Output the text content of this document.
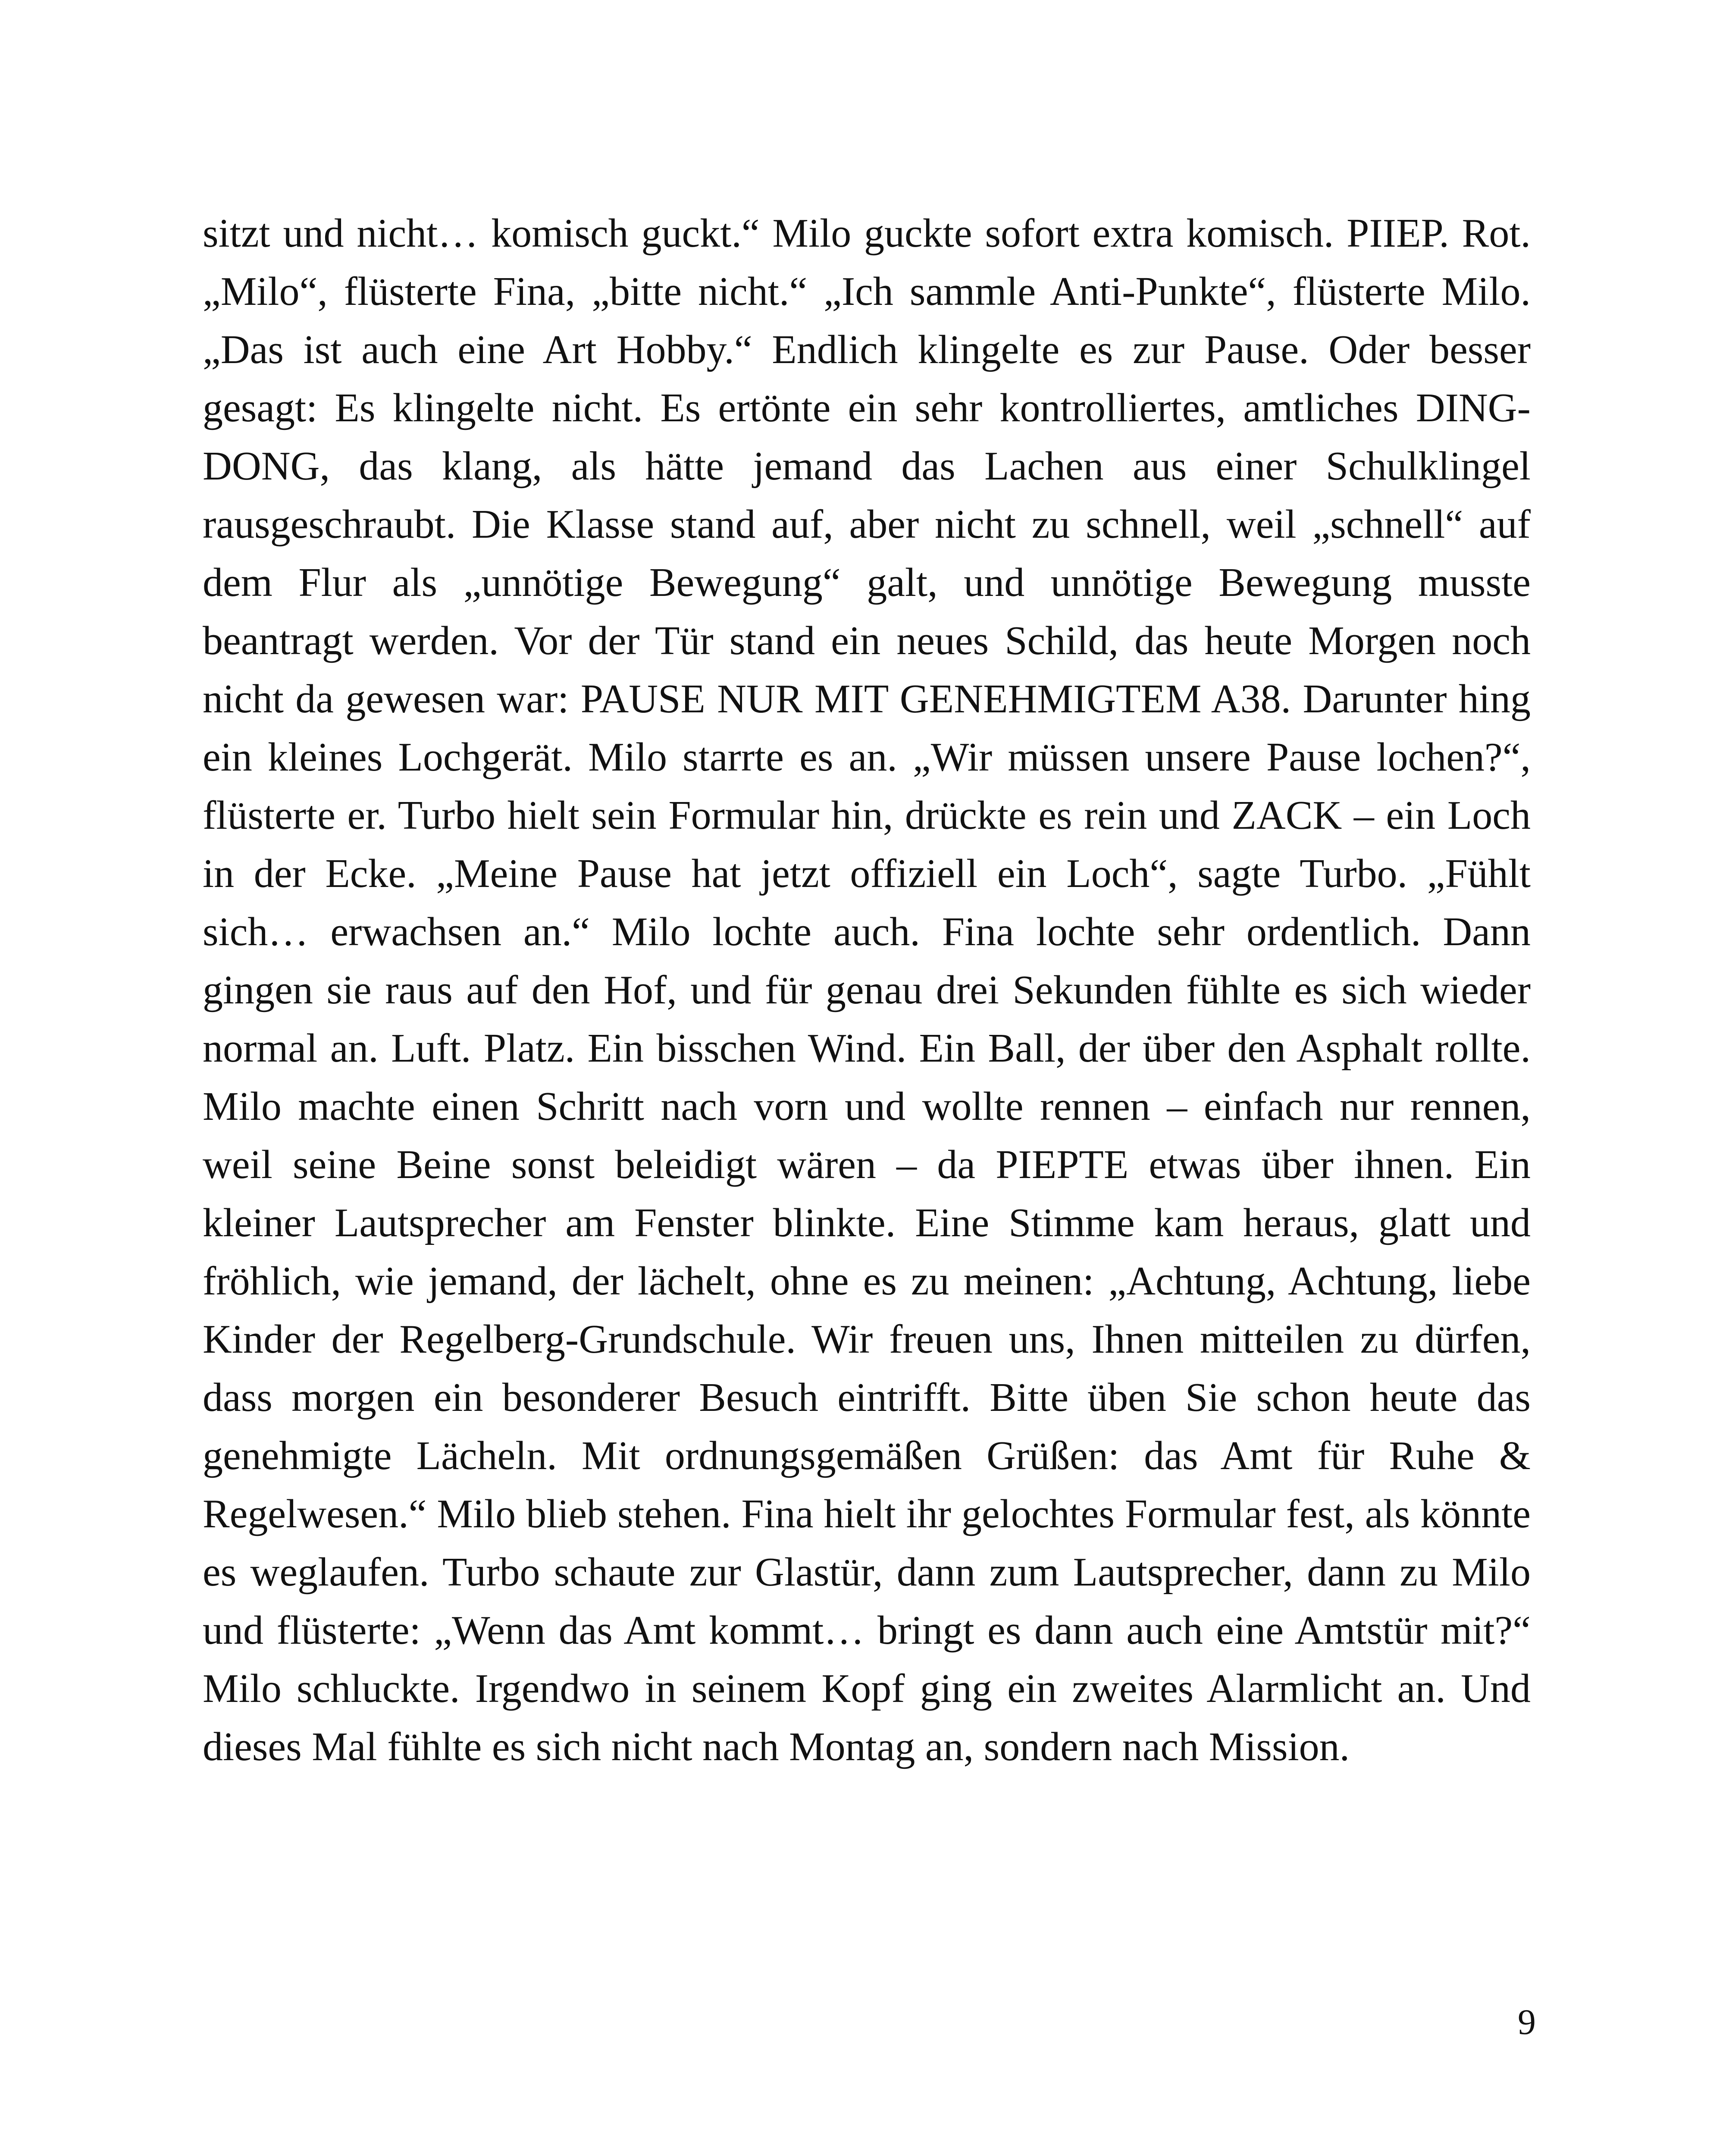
sitzt und nicht… komisch guckt.“ Milo guckte sofort extra komisch. PIIEP. Rot. „Milo“, flüsterte Fina, „bitte nicht.“ „Ich sammle Anti-Punkte“, flüsterte Milo. „Das ist auch eine Art Hobby.“ Endlich klingelte es zur Pause. Oder besser gesagt: Es klingelte nicht. Es ertönte ein sehr kontrolliertes, amtliches DING-DONG, das klang, als hätte jemand das Lachen aus einer Schulklingel rausgeschraubt. Die Klasse stand auf, aber nicht zu schnell, weil „schnell“ auf dem Flur als „unnötige Bewegung“ galt, und unnötige Bewegung musste beantragt werden. Vor der Tür stand ein neues Schild, das heute Morgen noch nicht da gewesen war: PAUSE NUR MIT GENEHMIGTEM A38. Darunter hing ein kleines Lochgerät. Milo starrte es an. „Wir müssen unsere Pause lochen?“, flüsterte er. Turbo hielt sein Formular hin, drückte es rein und ZACK – ein Loch in der Ecke. „Meine Pause hat jetzt offiziell ein Loch“, sagte Turbo. „Fühlt sich… erwachsen an.“ Milo lochte auch. Fina lochte sehr ordentlich. Dann gingen sie raus auf den Hof, und für genau drei Sekunden fühlte es sich wieder normal an. Luft. Platz. Ein bisschen Wind. Ein Ball, der über den Asphalt rollte. Milo machte einen Schritt nach vorn und wollte rennen – einfach nur rennen, weil seine Beine sonst beleidigt wären – da PIEPTE etwas über ihnen. Ein kleiner Lautsprecher am Fenster blinkte. Eine Stimme kam heraus, glatt und fröhlich, wie jemand, der lächelt, ohne es zu meinen: „Achtung, Achtung, liebe Kinder der Regelberg-Grundschule. Wir freuen uns, Ihnen mitteilen zu dürfen, dass morgen ein besonderer Besuch eintrifft. Bitte üben Sie schon heute das genehmigte Lächeln. Mit ordnungsgemäßen Grüßen: das Amt für Ruhe & Regelwesen.“ Milo blieb stehen. Fina hielt ihr gelochtes Formular fest, als könnte es weglaufen. Turbo schaute zur Glastür, dann zum Lautsprecher, dann zu Milo und flüsterte: „Wenn das Amt kommt… bringt es dann auch eine Amtstür mit?“ Milo schluckte. Irgendwo in seinem Kopf ging ein zweites Alarmlicht an. Und dieses Mal fühlte es sich nicht nach Montag an, sondern nach Mission.

9
